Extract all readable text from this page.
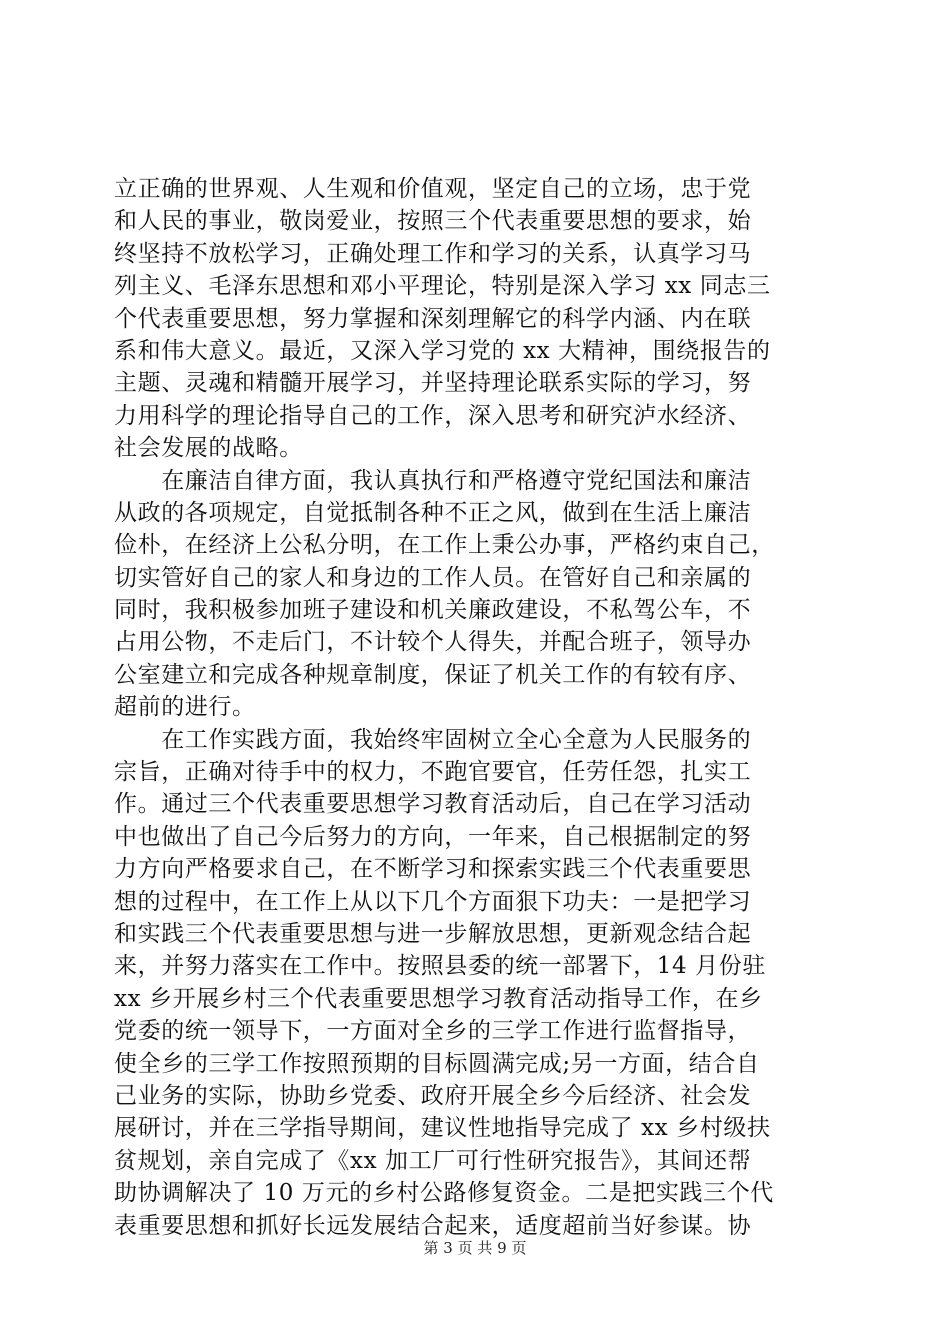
立正确的世界观、人生观和价值观，坚定自己的立场，忠于党
和人民的事业，敬岗爱业，按照三个代表重要思想的要求，始
终坚持不放松学习，正确处理工作和学习的关系，认真学习马
列主义、毛泽东思想和邓小平理论，特别是深入学习 xx 同志三
个代表重要思想，努力掌握和深刻理解它的科学内涵、内在联
系和伟大意义。最近，又深入学习党的 xx 大精神，围绕报告的
主题、灵魂和精髓开展学习，并坚持理论联系实际的学习，努
力用科学的理论指导自己的工作，深入思考和研究泸水经济、
社会发展的战略。
　　在廉洁自律方面，我认真执行和严格遵守党纪国法和廉洁
从政的各项规定，自觉抵制各种不正之风，做到在生活上廉洁
俭朴，在经济上公私分明，在工作上秉公办事，严格约束自己，
切实管好自己的家人和身边的工作人员。在管好自己和亲属的
同时，我积极参加班子建设和机关廉政建设，不私驾公车，不
占用公物，不走后门，不计较个人得失，并配合班子，领导办
公室建立和完成各种规章制度，保证了机关工作的有较有序、
超前的进行。
　　在工作实践方面，我始终牢固树立全心全意为人民服务的
宗旨，正确对待手中的权力，不跑官要官，任劳任怨，扎实工
作。通过三个代表重要思想学习教育活动后，自己在学习活动
中也做出了自己今后努力的方向，一年来，自己根据制定的努
力方向严格要求自己，在不断学习和探索实践三个代表重要思
想的过程中，在工作上从以下几个方面狠下功夫：一是把学习
和实践三个代表重要思想与进一步解放思想，更新观念结合起
来，并努力落实在工作中。按照县委的统一部署下，14 月份驻
xx 乡开展乡村三个代表重要思想学习教育活动指导工作，在乡
党委的统一领导下，一方面对全乡的三学工作进行监督指导，
使全乡的三学工作按照预期的目标圆满完成;另一方面，结合自
己业务的实际，协助乡党委、政府开展全乡今后经济、社会发
展研讨，并在三学指导期间，建议性地指导完成了 xx 乡村级扶
贫规划，亲自完成了《xx 加工厂可行性研究报告》，其间还帮
助协调解决了 10 万元的乡村公路修复资金。二是把实践三个代
表重要思想和抓好长远发展结合起来，适度超前当好参谋。协
第 3 页 共 9 页
